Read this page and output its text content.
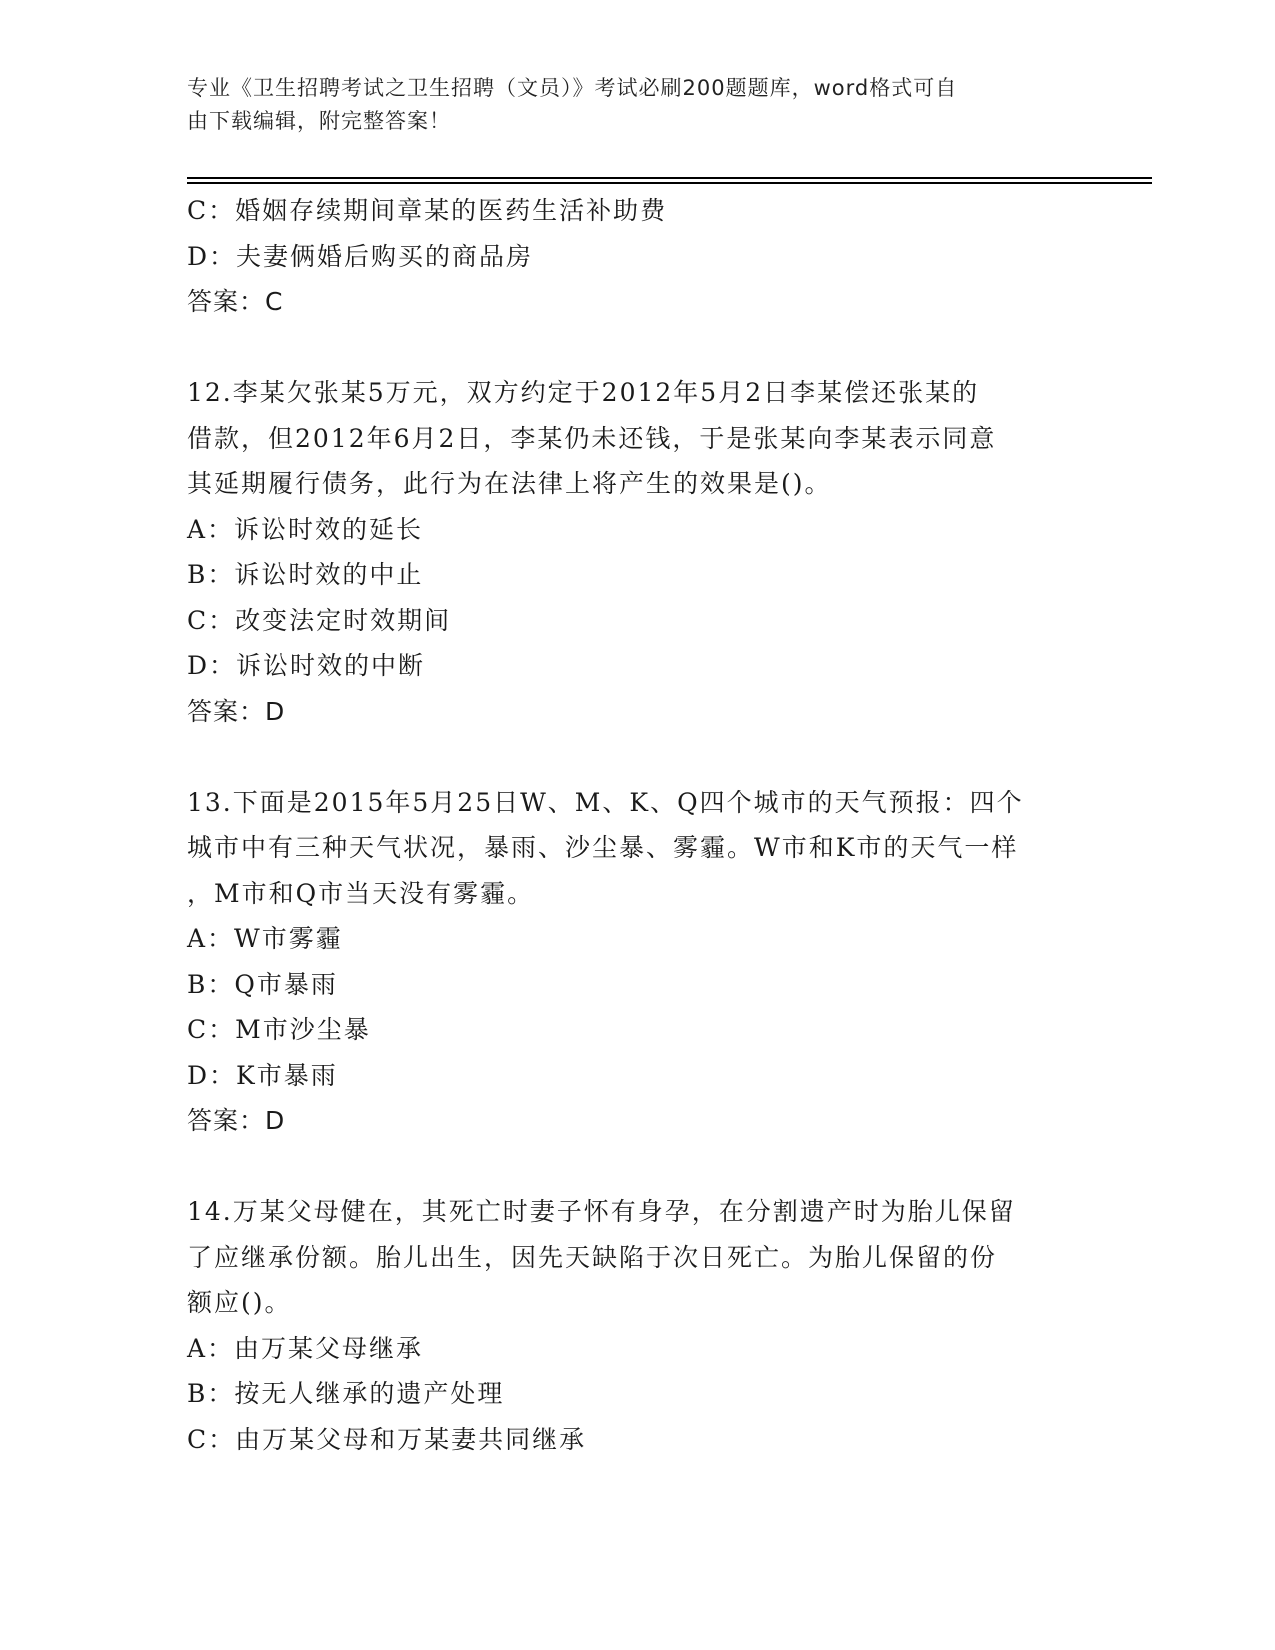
专业《卫生招聘考试之卫生招聘（文员）》考试必刷200题题库，word格式可自
由下载编辑，附完整答案！
C：婚姻存续期间章某的医药生活补助费
D：夫妻俩婚后购买的商品房
答案：C
12.李某欠张某5万元，双方约定于2012年5月2日李某偿还张某的
借款，但2012年6月2日，李某仍未还钱，于是张某向李某表示同意
其延期履行债务，此行为在法律上将产生的效果是()。
A：诉讼时效的延长
B：诉讼时效的中止
C：改变法定时效期间
D：诉讼时效的中断
答案：D
13.下面是2015年5月25日W、M、K、Q四个城市的天气预报：四个
城市中有三种天气状况，暴雨、沙尘暴、雾霾。W市和K市的天气一样
，M市和Q市当天没有雾霾。
A：W市雾霾
B：Q市暴雨
C：M市沙尘暴
D：K市暴雨
答案：D
14.万某父母健在，其死亡时妻子怀有身孕，在分割遗产时为胎儿保留
了应继承份额。胎儿出生，因先天缺陷于次日死亡。为胎儿保留的份
额应()。
A：由万某父母继承
B：按无人继承的遗产处理
C：由万某父母和万某妻共同继承
